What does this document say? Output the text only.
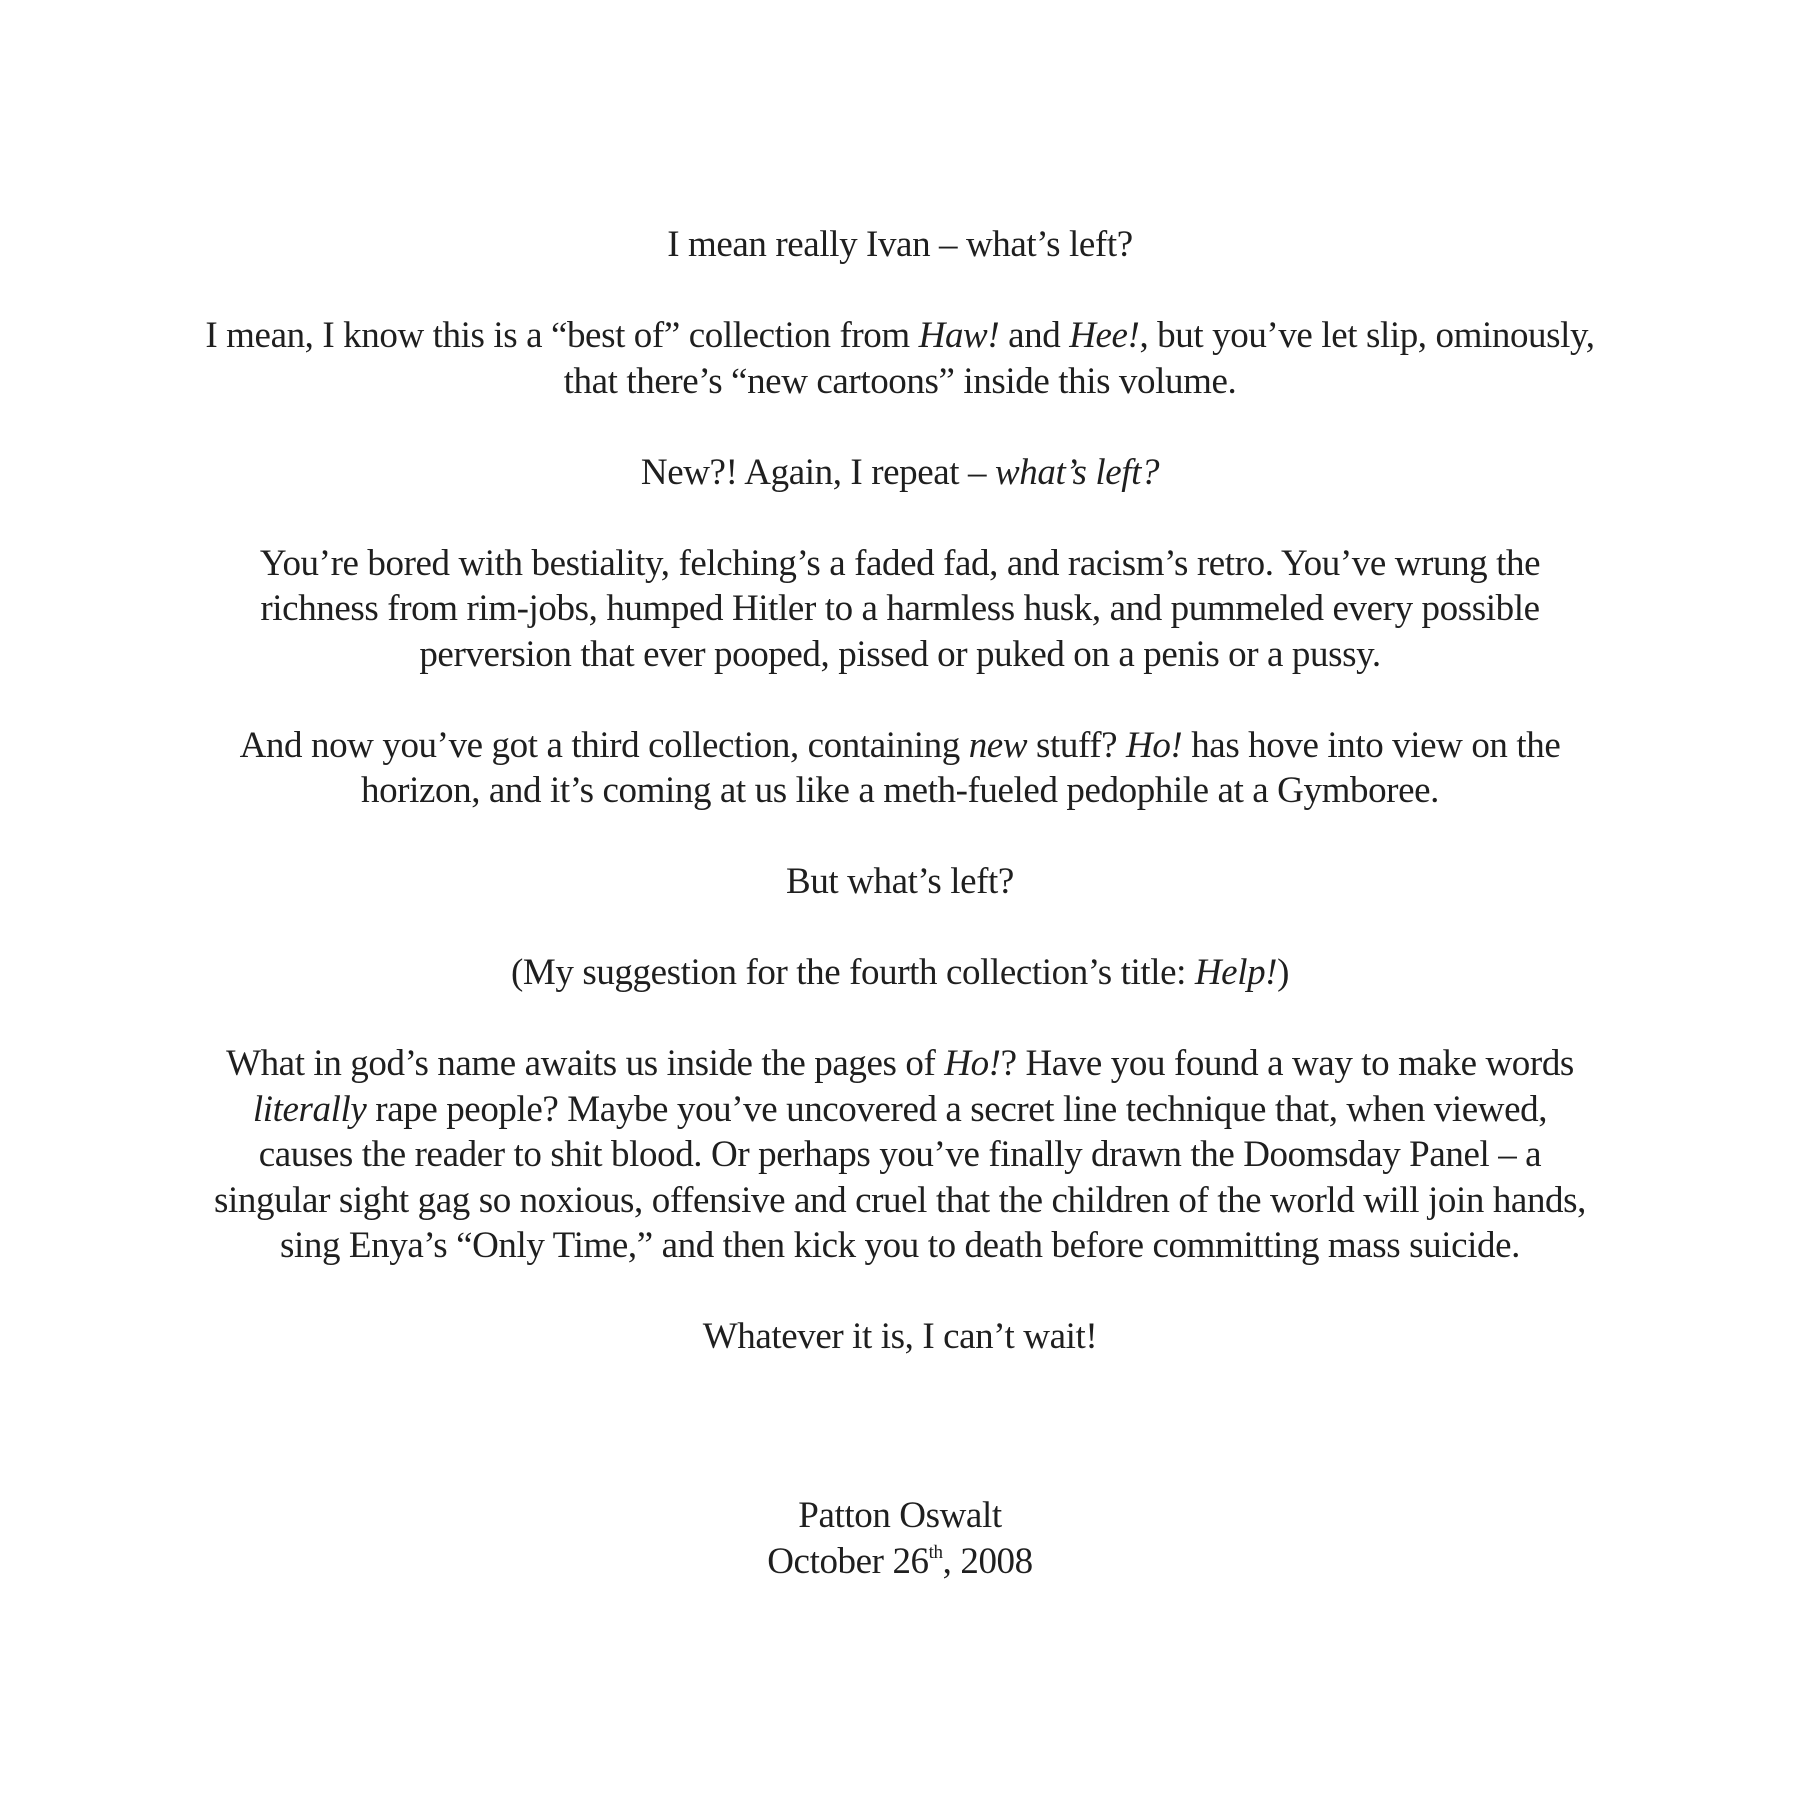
I mean really Ivan – what’s left?

I mean, I know this is a “best of” collection from Haw! and Hee!, but you’ve let slip, ominously,
that there’s “new cartoons” inside this volume.

New?! Again, I repeat – what’s left?

You’re bored with bestiality, felching’s a faded fad, and racism’s retro. You’ve wrung the
richness from rim-jobs, humped Hitler to a harmless husk, and pummeled every possible
perversion that ever pooped, pissed or puked on a penis or a pussy.

And now you’ve got a third collection, containing new stuff? Ho! has hove into view on the
horizon, and it’s coming at us like a meth-fueled pedophile at a Gymboree.

But what’s left?

(My suggestion for the fourth collection’s title: Help!)

What in god’s name awaits us inside the pages of Ho!? Have you found a way to make words
literally rape people? Maybe you’ve uncovered a secret line technique that, when viewed,
causes the reader to shit blood. Or perhaps you’ve finally drawn the Doomsday Panel – a
singular sight gag so noxious, offensive and cruel that the children of the world will join hands,
sing Enya’s “Only Time,” and then kick you to death before committing mass suicide.

Whatever it is, I can’t wait!

Patton Oswalt
October 26th, 2008
